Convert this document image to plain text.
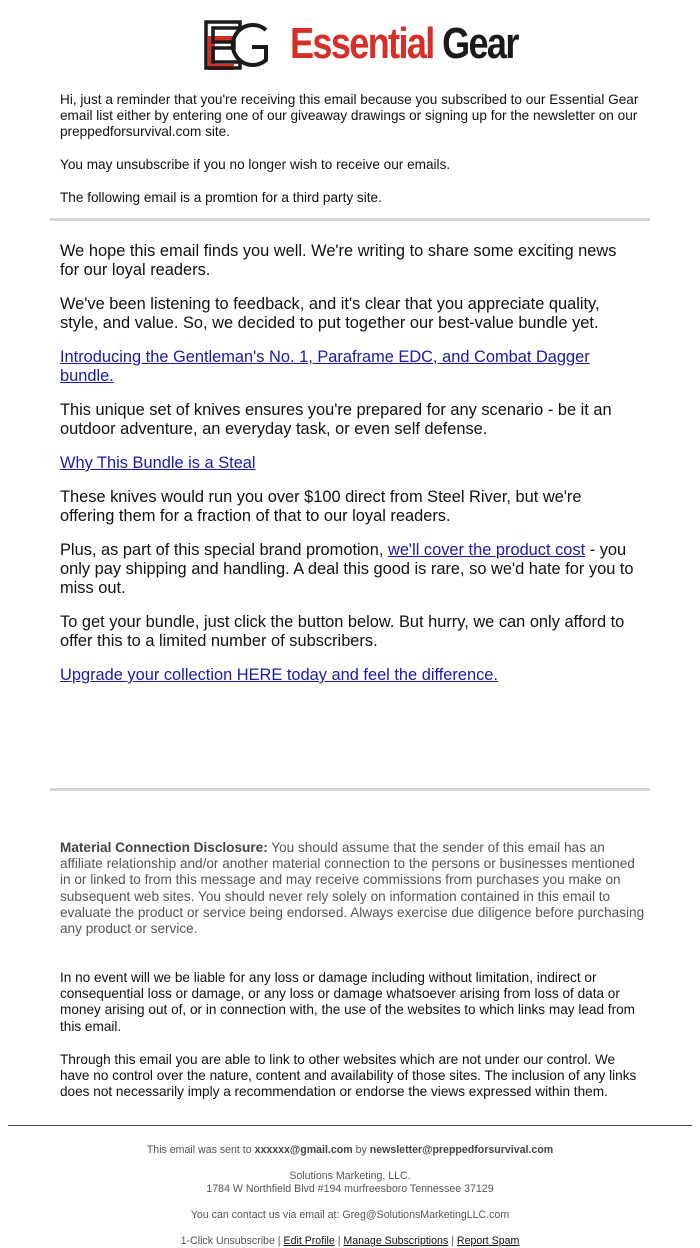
Essential Gear

Hi, just a reminder that you're receiving this email because you subscribed to our Essential Gear email list either by entering one of our giveaway drawings or signing up for the newsletter on our preppedforsurvival.com site.

You may unsubscribe if you no longer wish to receive our emails.

The following email is a promtion for a third party site.

We hope this email finds you well. We're writing to share some exciting news for our loyal readers.

We've been listening to feedback, and it's clear that you appreciate quality, style, and value. So, we decided to put together our best-value bundle yet.

Introducing the Gentleman's No. 1, Paraframe EDC, and Combat Dagger bundle.

This unique set of knives ensures you're prepared for any scenario - be it an outdoor adventure, an everyday task, or even self defense.

Why This Bundle is a Steal

These knives would run you over $100 direct from Steel River, but we're offering them for a fraction of that to our loyal readers.

Plus, as part of this special brand promotion, we'll cover the product cost - you only pay shipping and handling. A deal this good is rare, so we'd hate for you to miss out.

To get your bundle, just click the button below. But hurry, we can only afford to offer this to a limited number of subscribers.

Upgrade your collection HERE today and feel the difference.

Material Connection Disclosure: You should assume that the sender of this email has an affiliate relationship and/or another material connection to the persons or businesses mentioned in or linked to from this message and may receive commissions from purchases you make on subsequent web sites. You should never rely solely on information contained in this email to evaluate the product or service being endorsed. Always exercise due diligence before purchasing any product or service.

In no event will we be liable for any loss or damage including without limitation, indirect or consequential loss or damage, or any loss or damage whatsoever arising from loss of data or money arising out of, or in connection with, the use of the websites to which links may lead from this email.

Through this email you are able to link to other websites which are not under our control. We have no control over the nature, content and availability of those sites. The inclusion of any links does not necessarily imply a recommendation or endorse the views expressed within them.

This email was sent to xxxxxx@gmail.com by newsletter@preppedforsurvival.com
Solutions Marketing, LLC.
1784 W Northfield Blvd #194 murfreesboro Tennessee 37129
You can contact us via email at: Greg@SolutionsMarketingLLC.com
1-Click Unsubscribe | Edit Profile | Manage Subscriptions | Report Spam
